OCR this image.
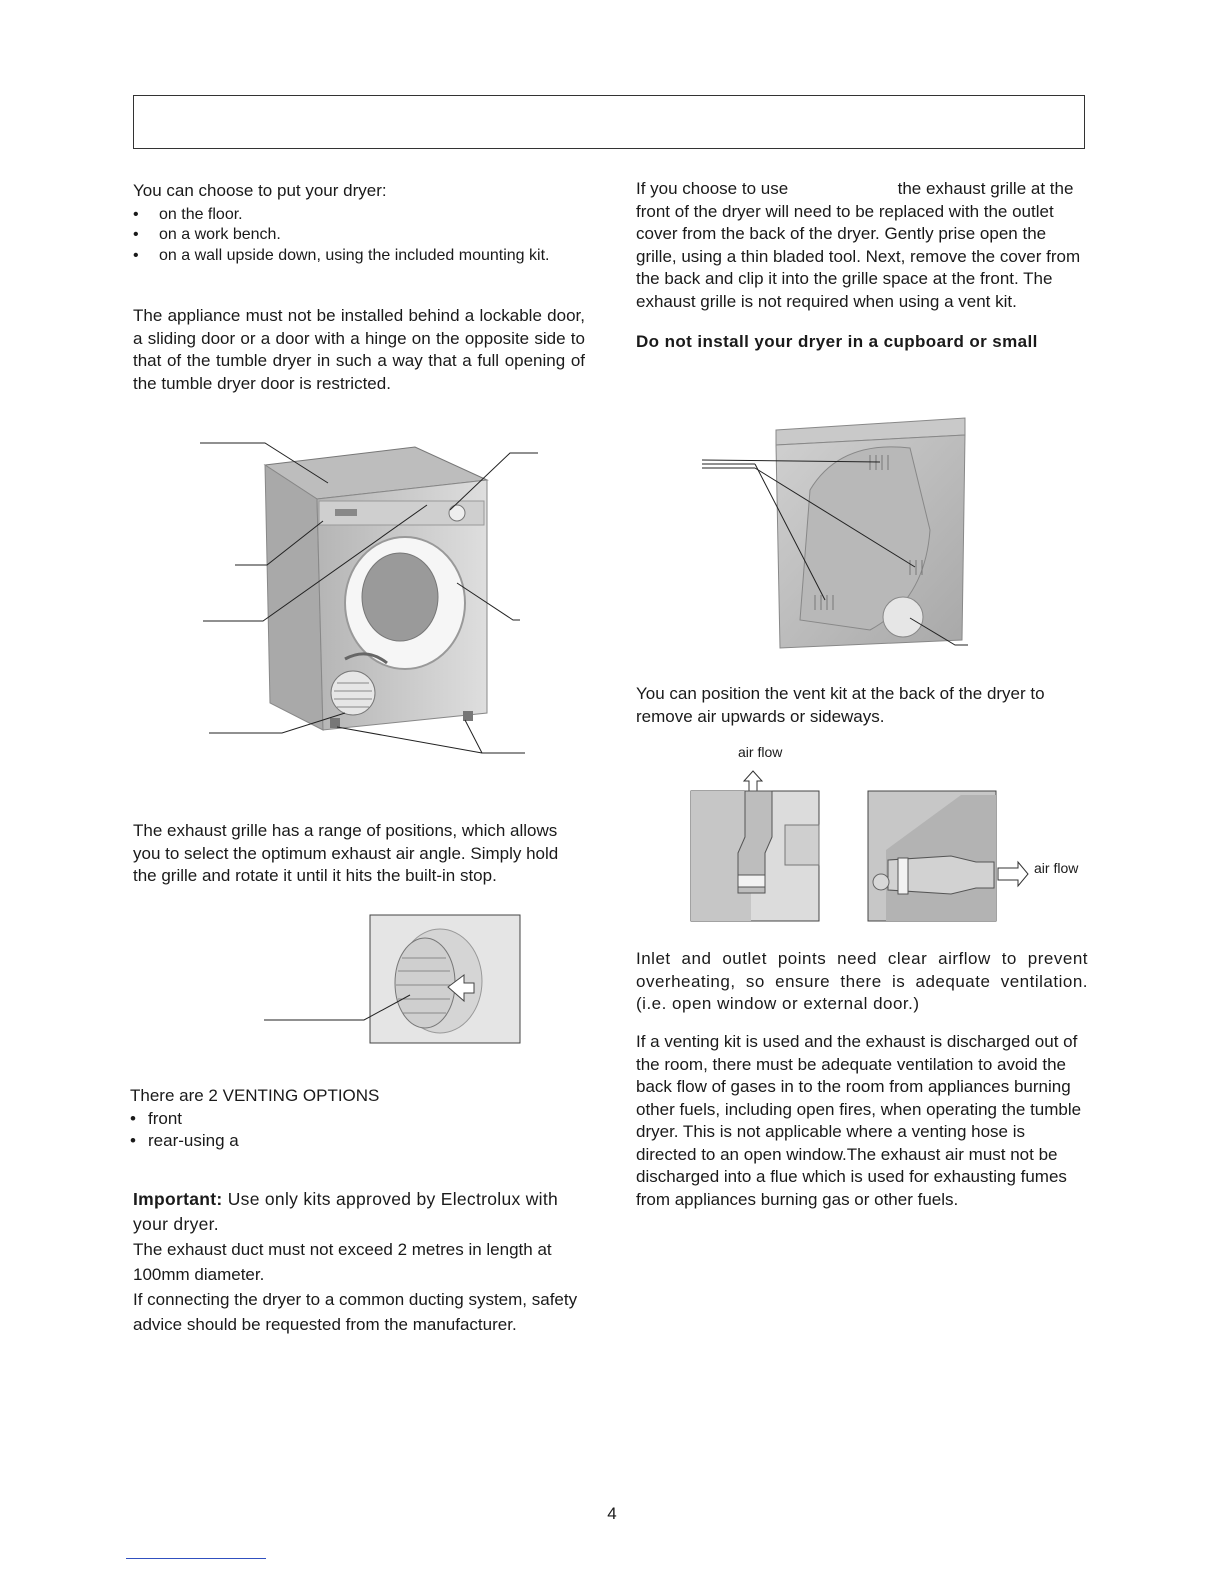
You can choose to put your dryer:

• on the floor.
• on a work bench.
• on a wall upside down, using the included mounting kit.
The appliance must not be installed behind a lockable door, a sliding door or a door with a hinge on the opposite side to that of the tumble dryer in such a way that a full opening of the tumble dryer door is restricted.
The exhaust grille has a range of positions, which allows you to select the optimum exhaust air angle. Simply hold the grille and rotate it until it hits the built-in stop.

There are 2 VENTING OPTIONS

• front
• rear-using a

Important: Use only kits approved by Electrolux with your dryer.

The exhaust duct must not exceed 2 metres in length at 100mm diameter.

If connecting the dryer to a common ducting system, safety advice should be requested from the manufacturer.

If you choose to use	the exhaust grille at the front of the dryer will need to be replaced with the outlet cover from the back of the dryer. Gently prise open the grille, using a thin bladed tool. Next, remove the cover from the back and clip it into the grille space at the front. The exhaust grille is not required when using a vent kit.

Do not install your dryer in a cupboard or small
You can position the vent kit at the back of the dryer to remove air upwards or sideways.
air flow
air flow
Inlet and outlet points need clear airflow to prevent overheating, so ensure there is adequate ventilation. (i.e. open window or external door.)
If a venting kit is used and the exhaust is discharged out of the room, there must be adequate ventilation to avoid the back flow of gases in to the room from appliances burning other fuels, including open fires, when operating the tumble dryer. This is not applicable where a venting hose is directed to an open window.The exhaust air must not be discharged into a flue which is used for exhausting fumes from appliances burning gas or other fuels.
4
